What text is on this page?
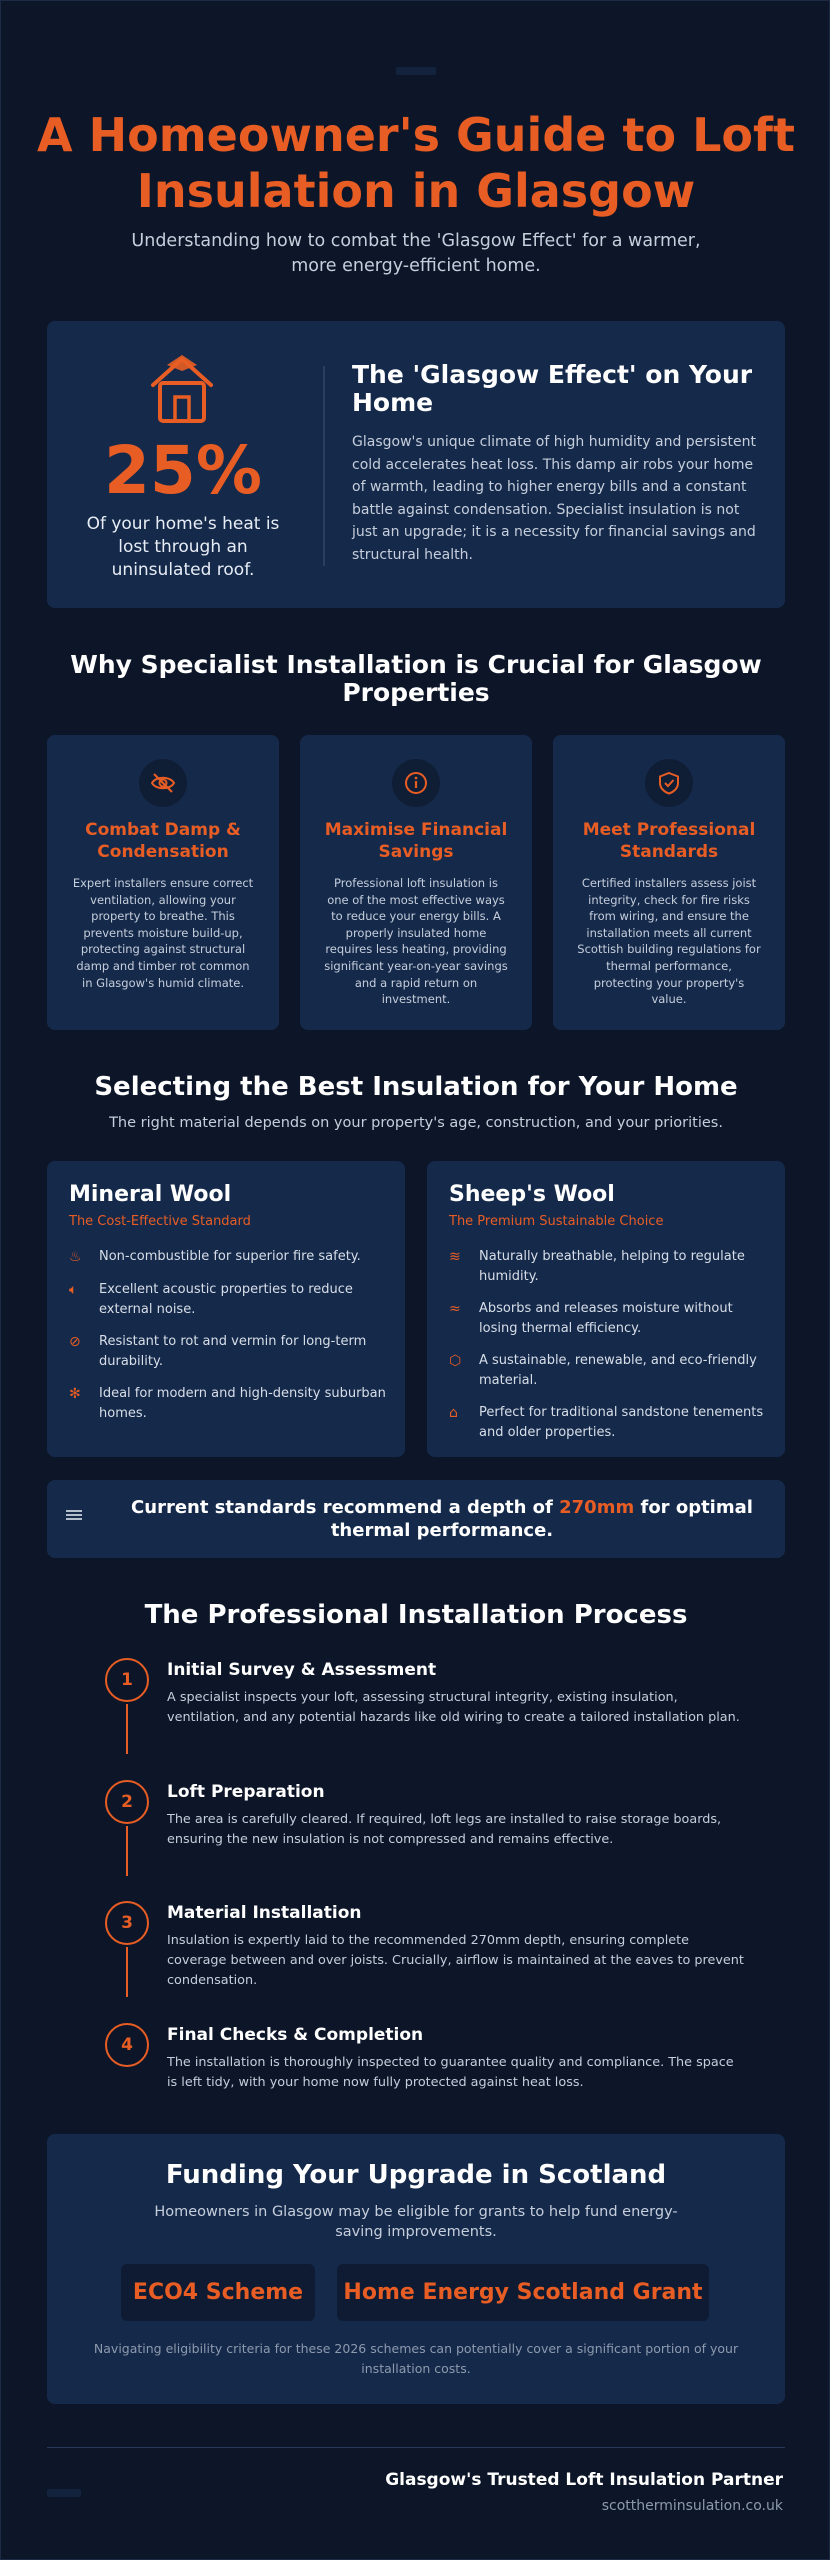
A Homeowner's Guide to Loft
Insulation in Glasgow

Understanding how to combat the 'Glasgow Effect' for a warmer, more energy-efficient home.

25%
Of your home's heat is lost through an uninsulated roof.
The 'Glasgow Effect' on Your Home

Glasgow's unique climate of high humidity and persistent cold accelerates heat loss. This damp air robs your home of warmth, leading to higher energy bills and a constant battle against condensation. Specialist insulation is not just an upgrade; it is a necessity for financial savings and structural health.

Why Specialist Installation is Crucial for Glasgow Properties
Combat Damp & Condensation

Expert installers ensure correct ventilation, allowing your property to breathe. This prevents moisture build-up, protecting against structural damp and timber rot common in Glasgow's humid climate.

Maximise Financial Savings

Professional loft insulation is one of the most effective ways to reduce your energy bills. A properly insulated home requires less heating, providing significant year-on-year savings and a rapid return on investment.

Meet Professional Standards

Certified installers assess joist integrity, check for fire risks from wiring, and ensure the installation meets all current Scottish building regulations for thermal performance, protecting your property's value.

Selecting the Best Insulation for Your Home

The right material depends on your property's age, construction, and your priorities.

Mineral Wool
The Cost-Effective Standard
♨	Non-combustible for superior fire safety.
🔈︎	Excellent acoustic properties to reduce external noise.
⊘	Resistant to rot and vermin for long-term durability.
✻	Ideal for modern and high-density suburban homes.
Sheep's Wool
The Premium Sustainable Choice
≋	Naturally breathable, helping to regulate humidity.
≈	Absorbs and releases moisture without losing thermal efficiency.
⬡	A sustainable, renewable, and eco-friendly material.
⌂	Perfect for traditional sandstone tenements and older properties.

Current standards recommend a depth of 270mm for optimal thermal performance.

The Professional Installation Process
1	Initial Survey & Assessment

A specialist inspects your loft, assessing structural integrity, existing insulation, ventilation, and any potential hazards like old wiring to create a tailored installation plan.

2	Loft Preparation

The area is carefully cleared. If required, loft legs are installed to raise storage boards, ensuring the new insulation is not compressed and remains effective.

3	Material Installation

Insulation is expertly laid to the recommended 270mm depth, ensuring complete coverage between and over joists. Crucially, airflow is maintained at the eaves to prevent condensation.

4	Final Checks & Completion

The installation is thoroughly inspected to guarantee quality and compliance. The space is left tidy, with your home now fully protected against heat loss.

Funding Your Upgrade in Scotland

Homeowners in Glasgow may be eligible for grants to help fund energy-saving improvements.

ECO4 Scheme	Home Energy Scotland Grant

Navigating eligibility criteria for these 2026 schemes can potentially cover a significant portion of your installation costs.

Glasgow's Trusted Loft Insulation Partner
scottherminsulation.co.uk
